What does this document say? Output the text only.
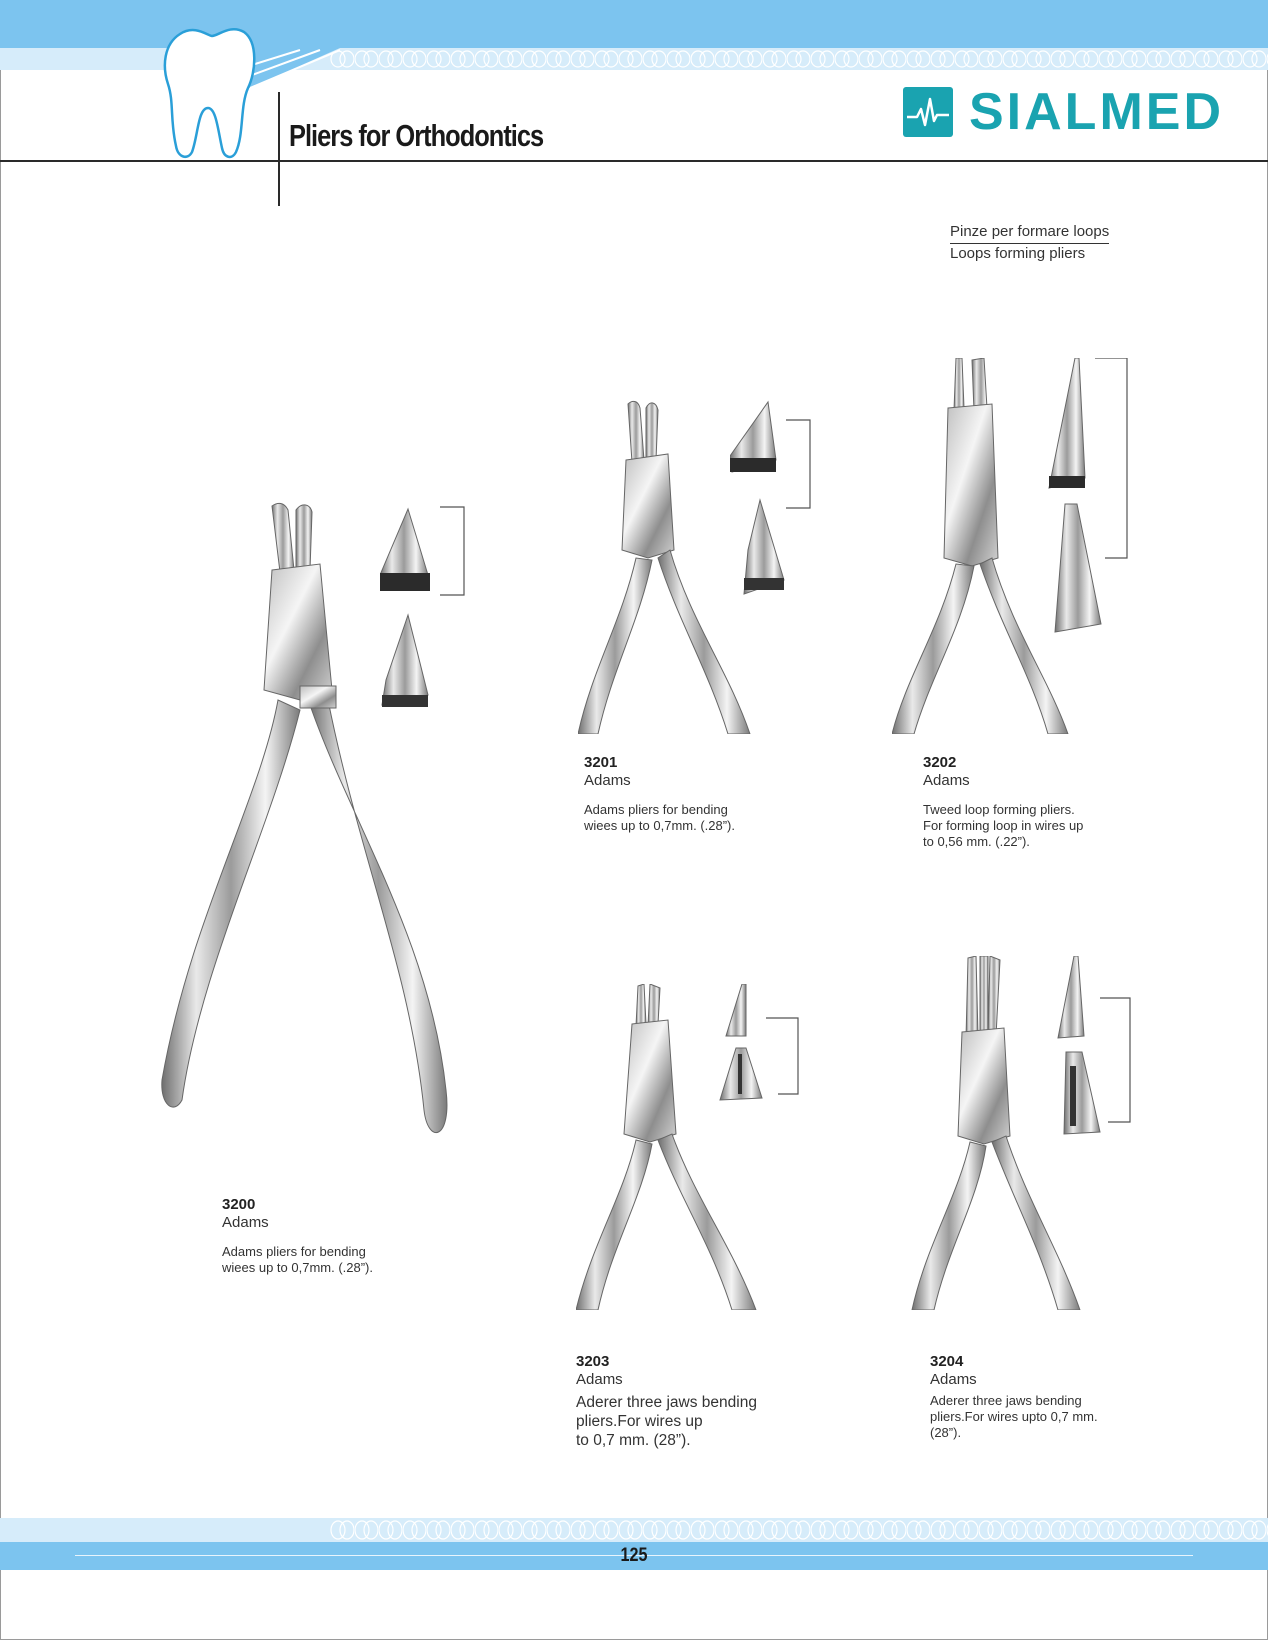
Pliers for Orthodontics	SIALMED
Pinze per formare loops
Loops forming pliers
3200
Adams
Adams pliers for bending
wiees up to 0,7mm. (.28”).
3201
Adams
Adams pliers for bending
wiees up to 0,7mm. (.28”).
3202
Adams
Tweed loop forming pliers.
For forming loop in wires up
to 0,56 mm. (.22”).
3203
Adams
Aderer three jaws bending
pliers.For wires up
to 0,7 mm. (28”).
3204
Adams
Aderer three jaws bending
pliers.For wires upto 0,7 mm.
(28”).
125
